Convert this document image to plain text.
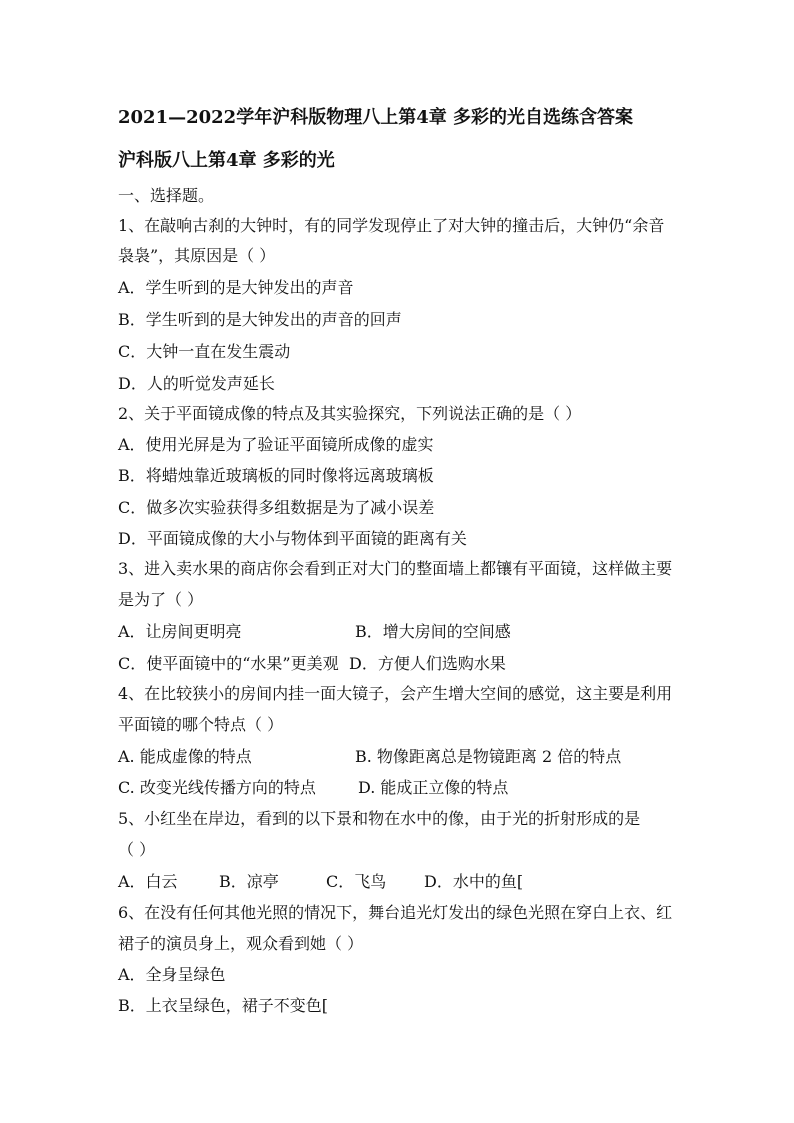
2021—2022学年沪科版物理八上第4章 多彩的光自选练含答案
沪科版八上第4章 多彩的光
一、选择题。
1、在敲响古刹的大钟时，有的同学发现停止了对大钟的撞击后，大钟仍“余音
袅袅”，其原因是（ ）
A．学生听到的是大钟发出的声音
B．学生听到的是大钟发出的声音的回声
C．大钟一直在发生震动
D．人的听觉发声延长
2、关于平面镜成像的特点及其实验探究，下列说法正确的是（ ）
A．使用光屏是为了验证平面镜所成像的虚实
B．将蜡烛靠近玻璃板的同时像将远离玻璃板
C．做多次实验获得多组数据是为了减小误差
D．平面镜成像的大小与物体到平面镜的距离有关
3、进入卖水果的商店你会看到正对大门的整面墙上都镶有平面镜，这样做主要
是为了（ ）
A．让房间更明亮	B．增大房间的空间感
C．使平面镜中的“水果”更美观 D．方便人们选购水果
4、在比较狭小的房间内挂一面大镜子，会产生增大空间的感觉，这主要是利用
平面镜的哪个特点（ ）
A. 能成虚像的特点	B. 物像距离总是物镜距离 2 倍的特点
C. 改变光线传播方向的特点	D. 能成正立像的特点
5、小红坐在岸边，看到的以下景和物在水中的像，由于光的折射形成的是
（ ）
A．白云	B．凉亭	C．飞鸟 D．水中的鱼[
6、在没有任何其他光照的情况下，舞台追光灯发出的绿色光照在穿白上衣、红
裙子的演员身上，观众看到她（ ）
A．全身呈绿色
B．上衣呈绿色，裙子不变色[
